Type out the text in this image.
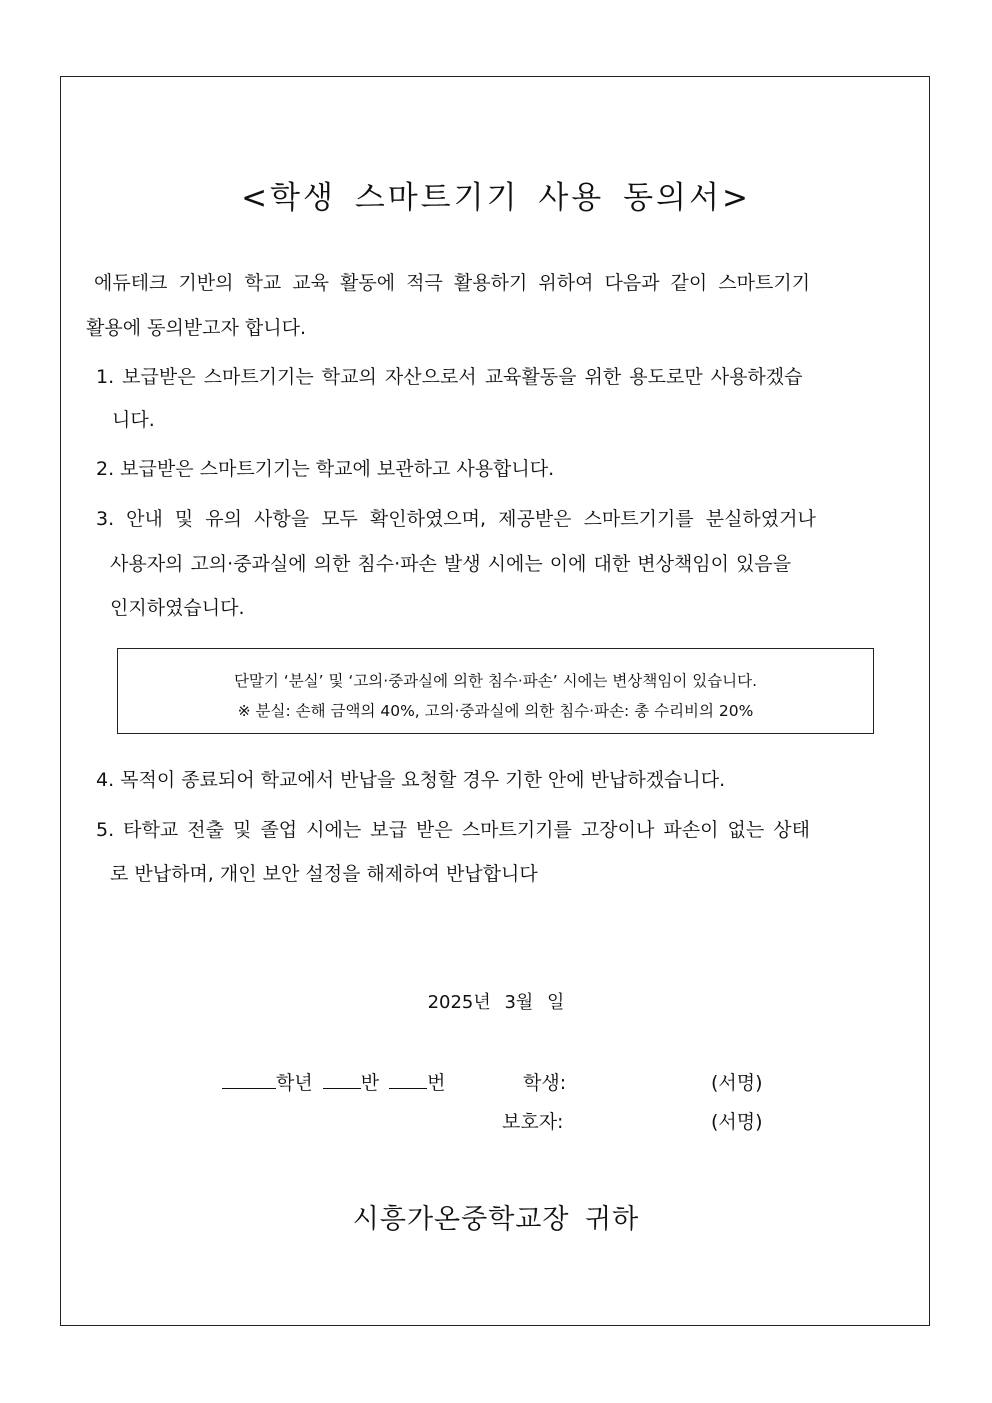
<학생 스마트기기 사용 동의서>
에듀테크 기반의 학교 교육 활동에 적극 활용하기 위하여 다음과 같이 스마트기기
활용에 동의받고자 합니다.
1. 보급받은 스마트기기는 학교의 자산으로서 교육활동을 위한 용도로만 사용하겠습
니다.
2. 보급받은 스마트기기는 학교에 보관하고 사용합니다.
3. 안내 및 유의 사항을 모두 확인하였으며, 제공받은 스마트기기를 분실하였거나
사용자의 고의·중과실에 의한 침수·파손 발생 시에는 이에 대한 변상책임이 있음을
인지하였습니다.
단말기 ‘분실’ 및 ‘고의·중과실에 의한 침수·파손’ 시에는 변상책임이 있습니다.
※ 분실: 손해 금액의 40%, 고의·중과실에 의한 침수·파손: 총 수리비의 20%
4. 목적이 종료되어 학교에서 반납을 요청할 경우 기한 안에 반납하겠습니다.
5. 타학교 전출 및 졸업 시에는 보급 받은 스마트기기를 고장이나 파손이 없는 상태
로 반납하며, 개인 보안 설정을 해제하여 반납합니다
2025년 3월 일
학년	반	번	학생:	(서명)
보호자:	(서명)
시흥가온중학교장 귀하
